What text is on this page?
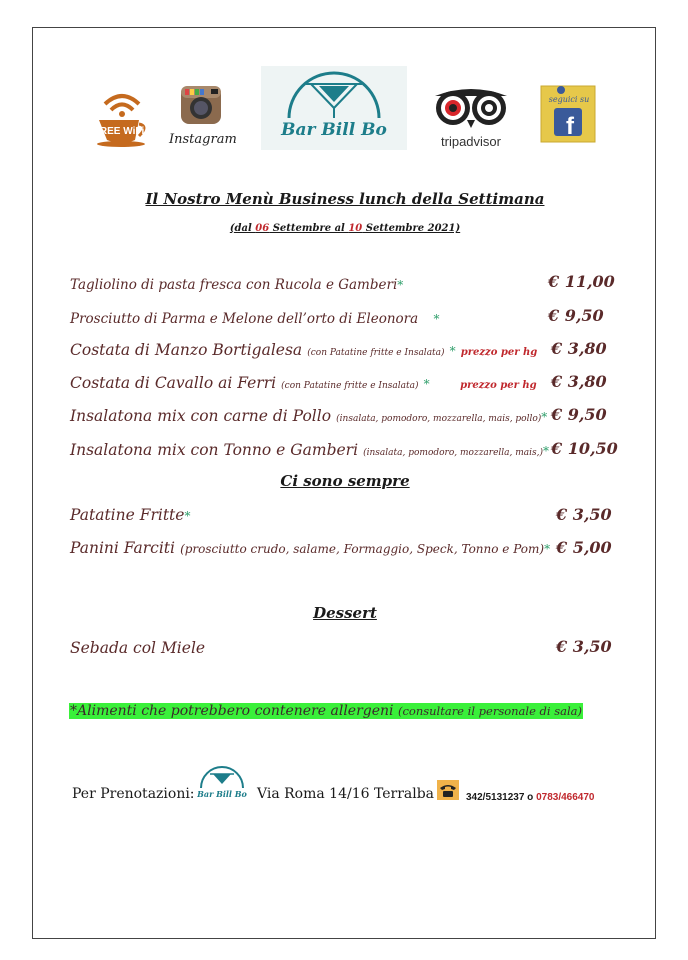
FREE WiFi
Instagram	Bar Bill Bo
tripadvisor
seguici su
f
Il Nostro Menù Business lunch della Settimana
(dal 06 Settembre al 10 Settembre 2021)
Tagliolino di pasta fresca con Rucola e Gamberi*	€ 11,00
Prosciutto di Parma e Melone dell’orto di Eleonora *	€ 9,50
Costata di Manzo Bortigalesa (con Patatine fritte e Insalata) * prezzo per hg € 3,80
Costata di Cavallo ai Ferri (con Patatine fritte e Insalata) *	prezzo per hg € 3,80
Insalatona mix con carne di Pollo (insalata, pomodoro, mozzarella, mais, pollo)* € 9,50
Insalatona mix con Tonno e Gamberi (insalata, pomodoro, mozzarella, mais,)* € 10,50
Ci sono sempre
Patatine Fritte*	€ 3,50
Panini Farciti (prosciutto crudo, salame, Formaggio, Speck, Tonno e Pom)* € 5,00
Dessert
Sebada col Miele	€ 3,50
*Alimenti che potrebbero contenere allergeni (consultare il personale di sala)
Per Prenotazioni: Bar Bill Bo Via Roma 14/16 Terralba	342/5131237 o 0783/466470
